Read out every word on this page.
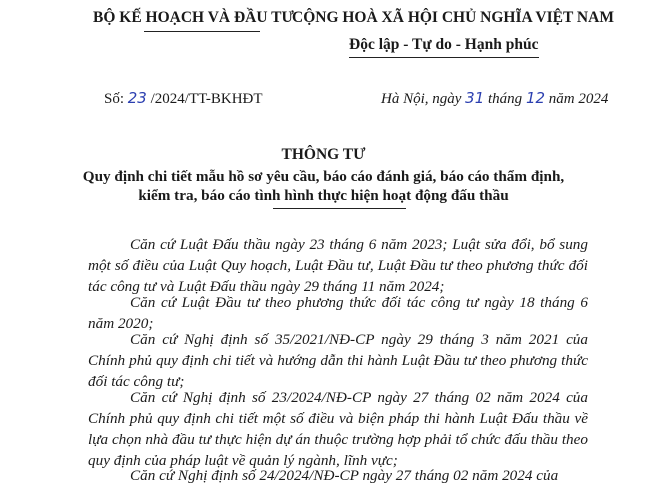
BỘ KẾ HOẠCH VÀ ĐẦU TƯ
CỘNG HOÀ XÃ HỘI CHỦ NGHĨA VIỆT NAM
Độc lập - Tự do - Hạnh phúc
Số: 23 /2024/TT-BKHĐT	Hà Nội, ngày 31 tháng 12 năm 2024
THÔNG TƯ
Quy định chi tiết mẫu hồ sơ yêu cầu, báo cáo đánh giá, báo cáo thẩm định,
kiểm tra, báo cáo tình hình thực hiện hoạt động đấu thầu
Căn cứ Luật Đấu thầu ngày 23 tháng 6 năm 2023; Luật sửa đổi, bổ sung một số điều của Luật Quy hoạch, Luật Đầu tư, Luật Đầu tư theo phương thức đối tác công tư và Luật Đấu thầu ngày 29 tháng 11 năm 2024;
Căn cứ Luật Đầu tư theo phương thức đối tác công tư ngày 18 tháng 6 năm 2020;
Căn cứ Nghị định số 35/2021/NĐ-CP ngày 29 tháng 3 năm 2021 của Chính phủ quy định chi tiết và hướng dẫn thi hành Luật Đầu tư theo phương thức đối tác công tư;
Căn cứ Nghị định số 23/2024/NĐ-CP ngày 27 tháng 02 năm 2024 của Chính phủ quy định chi tiết một số điều và biện pháp thi hành Luật Đấu thầu về lựa chọn nhà đầu tư thực hiện dự án thuộc trường hợp phải tổ chức đấu thầu theo quy định của pháp luật về quản lý ngành, lĩnh vực;
Căn cứ Nghị định số 24/2024/NĐ-CP ngày 27 tháng 02 năm 2024 của
